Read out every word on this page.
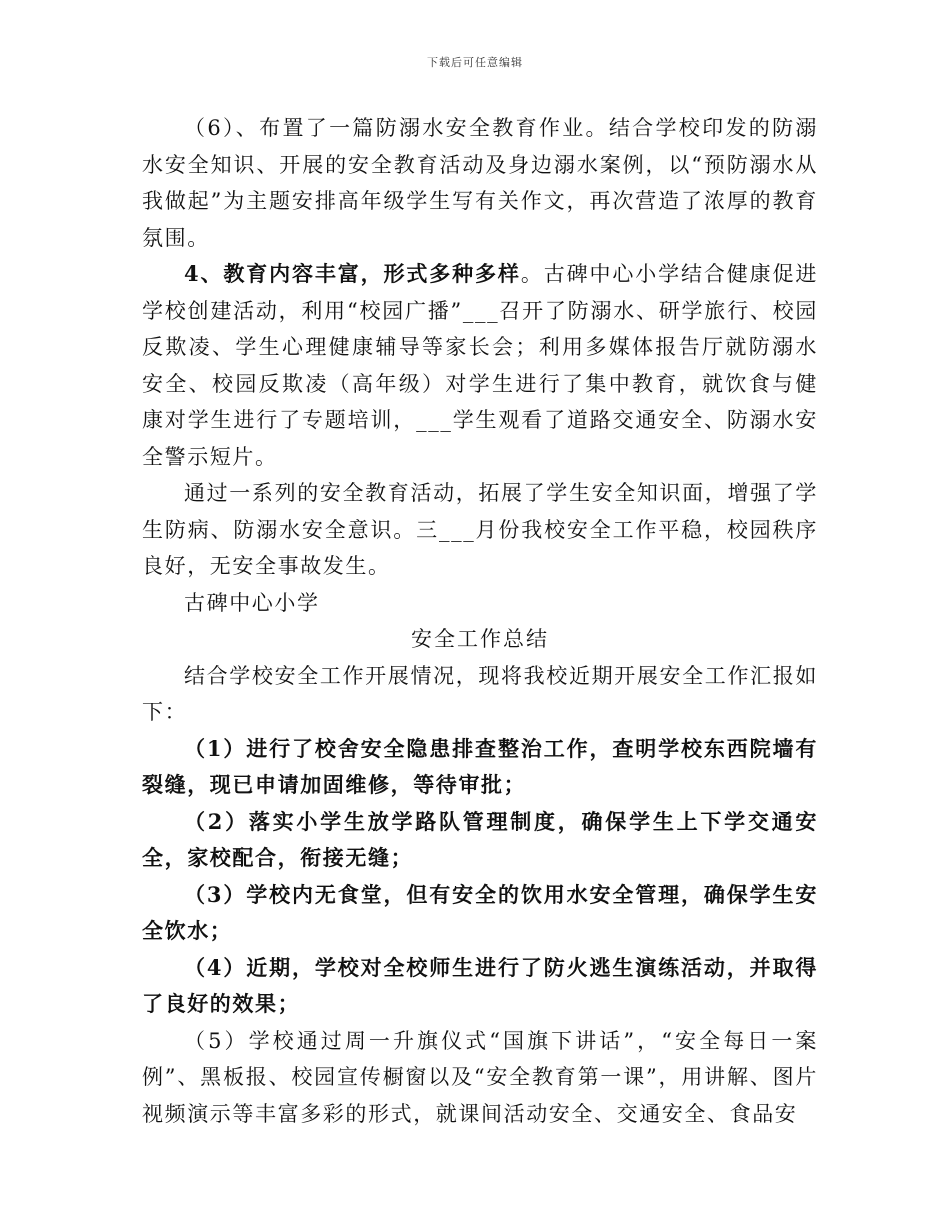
下载后可任意编辑

（6）、布置了一篇防溺水安全教育作业。结合学校印发的防溺水安全知识、开展的安全教育活动及身边溺水案例，以“预防溺水从我做起”为主题安排高年级学生写有关作文，再次营造了浓厚的教育氛围。

4、教育内容丰富，形式多种多样。古碑中心小学结合健康促进学校创建活动，利用“校园广播”___召开了防溺水、研学旅行、校园反欺凌、学生心理健康辅导等家长会；利用多媒体报告厅就防溺水安全、校园反欺凌（高年级）对学生进行了集中教育，就饮食与健康对学生进行了专题培训，___学生观看了道路交通安全、防溺水安全警示短片。

通过一系列的安全教育活动，拓展了学生安全知识面，增强了学生防病、防溺水安全意识。三___月份我校安全工作平稳，校园秩序良好，无安全事故发生。

古碑中心小学

安全工作总结

结合学校安全工作开展情况，现将我校近期开展安全工作汇报如下：

（1）进行了校舍安全隐患排查整治工作，查明学校东西院墙有裂缝，现已申请加固维修，等待审批；

（2）落实小学生放学路队管理制度，确保学生上下学交通安全，家校配合，衔接无缝；

（3）学校内无食堂，但有安全的饮用水安全管理，确保学生安全饮水；

（4）近期，学校对全校师生进行了防火逃生演练活动，并取得了良好的效果；

（5）学校通过周一升旗仪式“国旗下讲话”，“安全每日一案例”、黑板报、校园宣传橱窗以及“安全教育第一课”，用讲解、图片视频演示等丰富多彩的形式，就课间活动安全、交通安全、食品安
